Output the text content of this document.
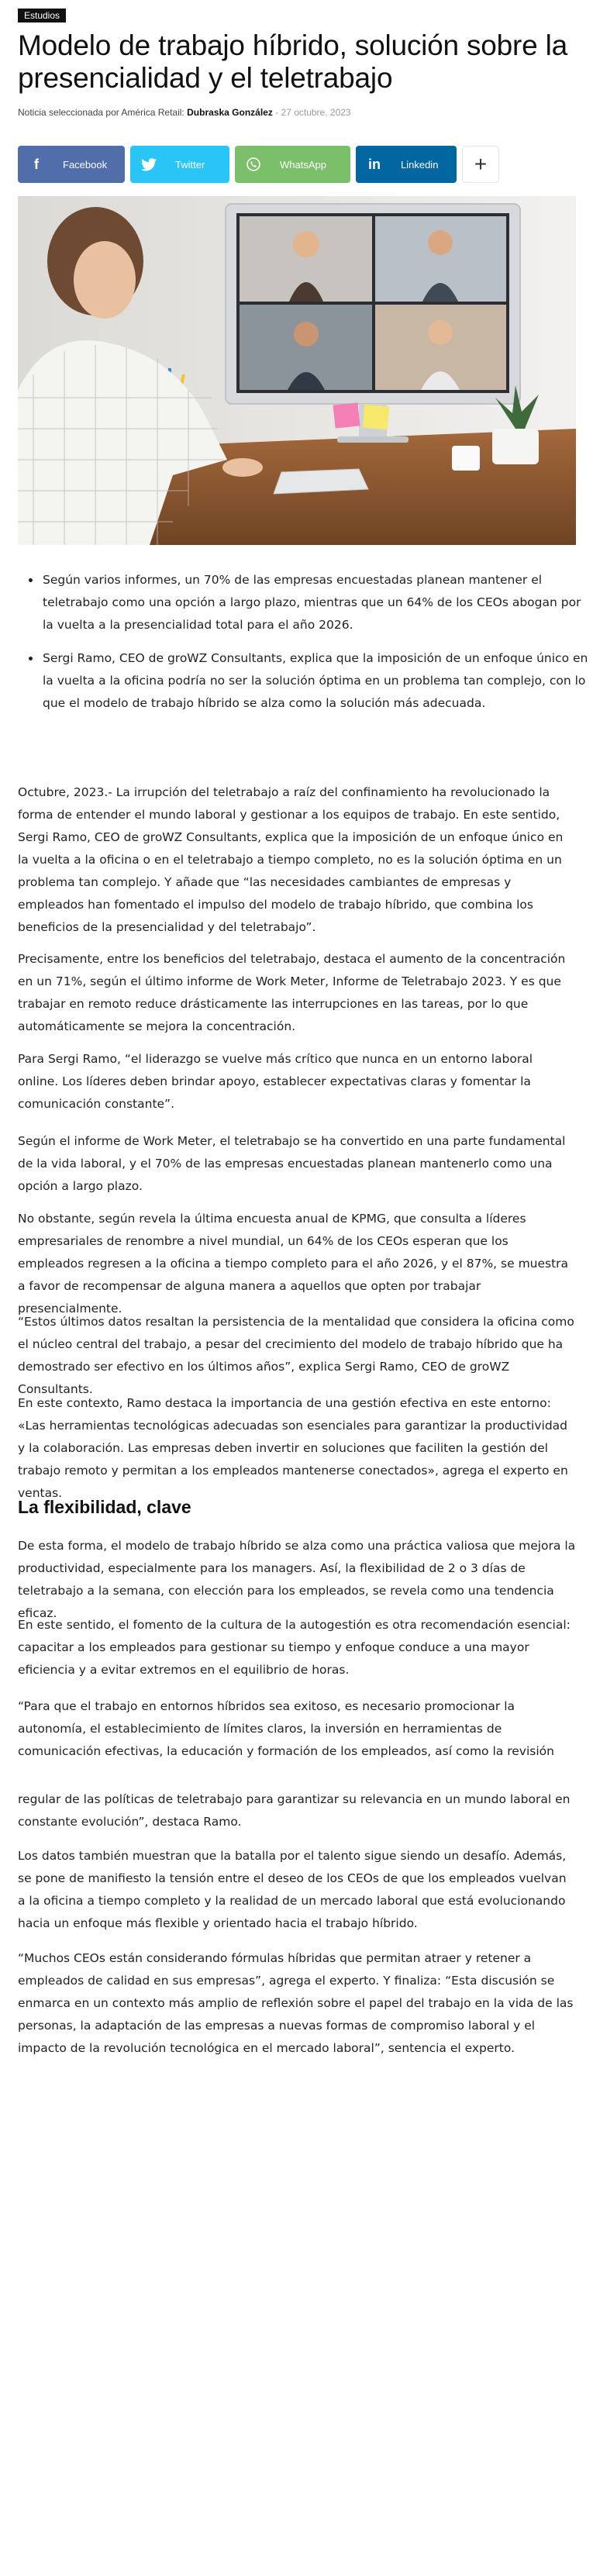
Estudios
Modelo de trabajo híbrido, solución sobre la presencialidad y el teletrabajo
Noticia seleccionada por América Retail: Dubraska González - 27 octubre, 2023
f	Facebook	Twitter	WhatsApp	in	Linkedin +
• Según varios informes, un 70% de las empresas encuestadas planean mantener el teletrabajo como una opción a largo plazo, mientras que un 64% de los CEOs abogan por la vuelta a la presencialidad total para el año 2026.
• Sergi Ramo, CEO de groWZ Consultants, explica que la imposición de un enfoque único en la vuelta a la oficina podría no ser la solución óptima en un problema tan complejo, con lo que el modelo de trabajo híbrido se alza como la solución más adecuada.

Octubre, 2023.- La irrupción del teletrabajo a raíz del confinamiento ha revolucionado la forma de entender el mundo laboral y gestionar a los equipos de trabajo. En este sentido, Sergi Ramo, CEO de groWZ Consultants, explica que la imposición de un enfoque único en la vuelta a la oficina o en el teletrabajo a tiempo completo, no es la solución óptima en un problema tan complejo. Y añade que “las necesidades cambiantes de empresas y empleados han fomentado el impulso del modelo de trabajo híbrido, que combina los beneficios de la presencialidad y del teletrabajo”.

Precisamente, entre los beneficios del teletrabajo, destaca el aumento de la concentración en un 71%, según el último informe de Work Meter, Informe de Teletrabajo 2023. Y es que trabajar en remoto reduce drásticamente las interrupciones en las tareas, por lo que automáticamente se mejora la concentración.

Para Sergi Ramo, “el liderazgo se vuelve más crítico que nunca en un entorno laboral online. Los líderes deben brindar apoyo, establecer expectativas claras y fomentar la comunicación constante”.

Según el informe de Work Meter, el teletrabajo se ha convertido en una parte fundamental de la vida laboral, y el 70% de las empresas encuestadas planean mantenerlo como una opción a largo plazo.

No obstante, según revela la última encuesta anual de KPMG, que consulta a líderes empresariales de renombre a nivel mundial, un 64% de los CEOs esperan que los empleados regresen a la oficina a tiempo completo para el año 2026, y el 87%, se muestra a favor de recompensar de alguna manera a aquellos que opten por trabajar presencialmente.

“Estos últimos datos resaltan la persistencia de la mentalidad que considera la oficina como el núcleo central del trabajo, a pesar del crecimiento del modelo de trabajo híbrido que ha demostrado ser efectivo en los últimos años”, explica Sergi Ramo, CEO de groWZ Consultants.

En este contexto, Ramo destaca la importancia de una gestión efectiva en este entorno: «Las herramientas tecnológicas adecuadas son esenciales para garantizar la productividad y la colaboración. Las empresas deben invertir en soluciones que faciliten la gestión del trabajo remoto y permitan a los empleados mantenerse conectados», agrega el experto en ventas.

La flexibilidad, clave

De esta forma, el modelo de trabajo híbrido se alza como una práctica valiosa que mejora la productividad, especialmente para los managers. Así, la flexibilidad de 2 o 3 días de teletrabajo a la semana, con elección para los empleados, se revela como una tendencia eficaz.

En este sentido, el fomento de la cultura de la autogestión es otra recomendación esencial: capacitar a los empleados para gestionar su tiempo y enfoque conduce a una mayor eficiencia y a evitar extremos en el equilibrio de horas.

“Para que el trabajo en entornos híbridos sea exitoso, es necesario promocionar la autonomía, el establecimiento de límites claros, la inversión en herramientas de comunicación efectivas, la educación y formación de los empleados, así como la revisión

regular de las políticas de teletrabajo para garantizar su relevancia en un mundo laboral en constante evolución”, destaca Ramo.

Los datos también muestran que la batalla por el talento sigue siendo un desafío. Además, se pone de manifiesto la tensión entre el deseo de los CEOs de que los empleados vuelvan a la oficina a tiempo completo y la realidad de un mercado laboral que está evolucionando hacia un enfoque más flexible y orientado hacia el trabajo híbrido.

“Muchos CEOs están considerando fórmulas híbridas que permitan atraer y retener a empleados de calidad en sus empresas”, agrega el experto. Y finaliza: “Esta discusión se enmarca en un contexto más amplio de reflexión sobre el papel del trabajo en la vida de las personas, la adaptación de las empresas a nuevas formas de compromiso laboral y el impacto de la revolución tecnológica en el mercado laboral”, sentencia el experto.
